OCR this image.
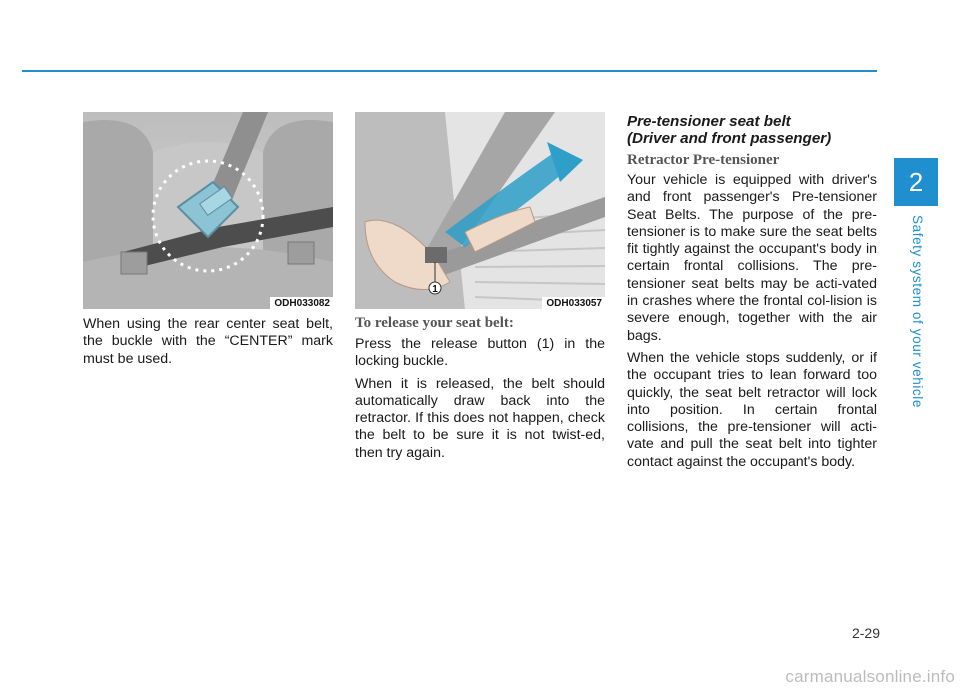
2
Safety system of your vehicle
ODH033082

When using the rear center seat belt, the buckle with the “CENTER” mark must be used.

1
ODH033057
To release your seat belt:

Press the release button (1) in the locking buckle.

When it is released, the belt should automatically draw back into the retractor. If this does not happen, check the belt to be sure it is not twist-ed, then try again.

Pre-tensioner seat belt
(Driver and front passenger)
Retractor Pre-tensioner

Your vehicle is equipped with driver's and front passenger's Pre-tensioner Seat Belts. The purpose of the pre-tensioner is to make sure the seat belts fit tightly against the occupant's body in certain frontal collisions. The pre-tensioner seat belts may be acti-vated in crashes where the frontal col-lision is severe enough, together with the air bags.

When the vehicle stops suddenly, or if the occupant tries to lean forward too quickly, the seat belt retractor will lock into position. In certain frontal collisions, the pre-tensioner will acti-vate and pull the seat belt into tighter contact against the occupant's body.

2-29
carmanualsonline.info
